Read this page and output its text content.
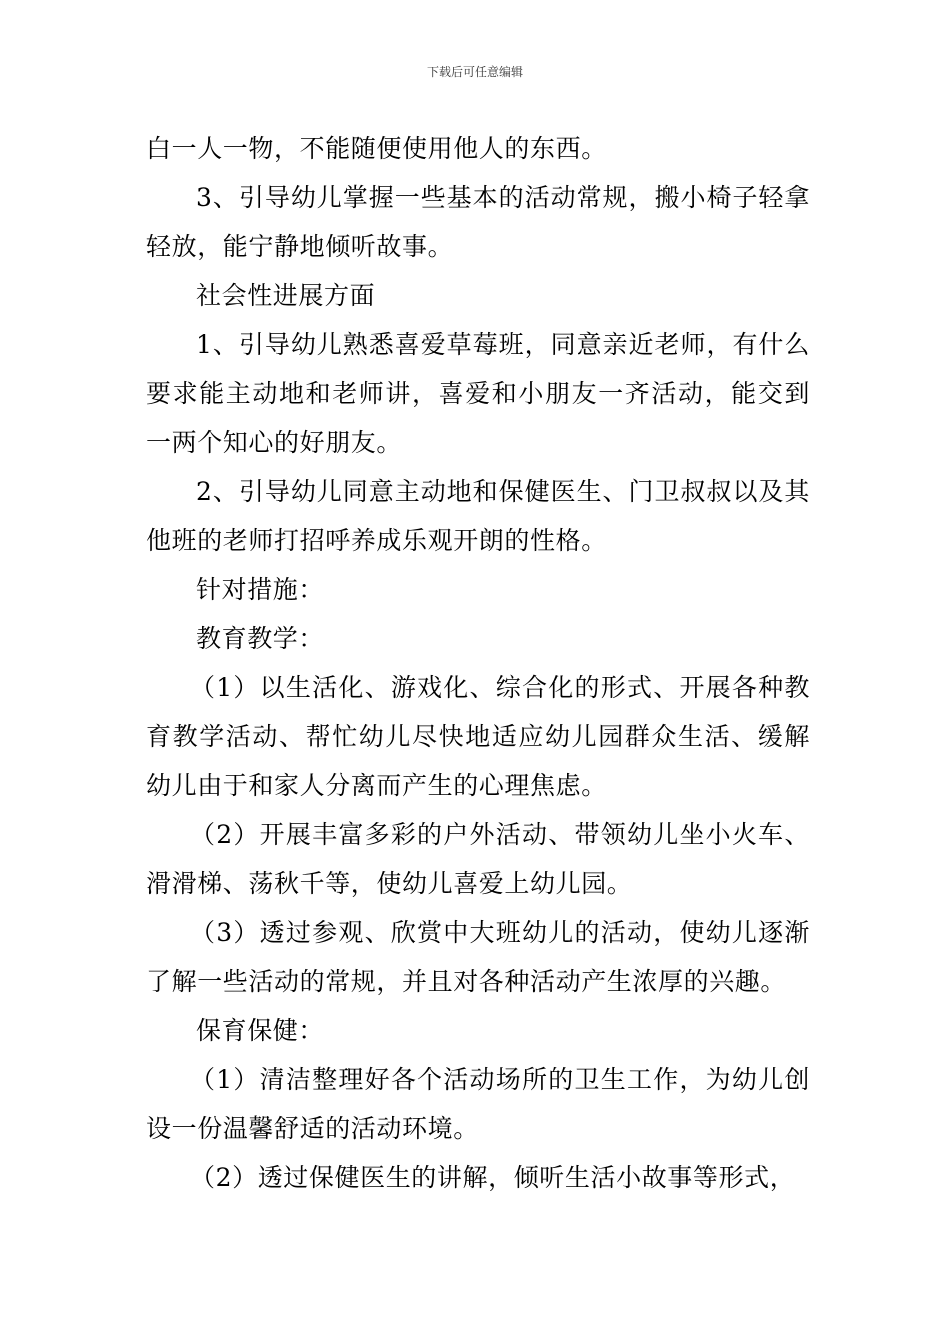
下载后可任意编辑

白一人一物，不能随便使用他人的东西。

3、引导幼儿掌握一些基本的活动常规，搬小椅子轻拿轻放，能宁静地倾听故事。

社会性进展方面

1、引导幼儿熟悉喜爱草莓班，同意亲近老师，有什么要求能主动地和老师讲，喜爱和小朋友一齐活动，能交到一两个知心的好朋友。

2、引导幼儿同意主动地和保健医生、门卫叔叔以及其他班的老师打招呼养成乐观开朗的性格。

针对措施：

教育教学：

（1）以生活化、游戏化、综合化的形式、开展各种教育教学活动、帮忙幼儿尽快地适应幼儿园群众生活、缓解幼儿由于和家人分离而产生的心理焦虑。

（2）开展丰富多彩的户外活动、带领幼儿坐小火车、滑滑梯、荡秋千等，使幼儿喜爱上幼儿园。

（3）透过参观、欣赏中大班幼儿的活动，使幼儿逐渐了解一些活动的常规，并且对各种活动产生浓厚的兴趣。

保育保健：

（1）清洁整理好各个活动场所的卫生工作，为幼儿创设一份温馨舒适的活动环境。

（2）透过保健医生的讲解，倾听生活小故事等形式，
